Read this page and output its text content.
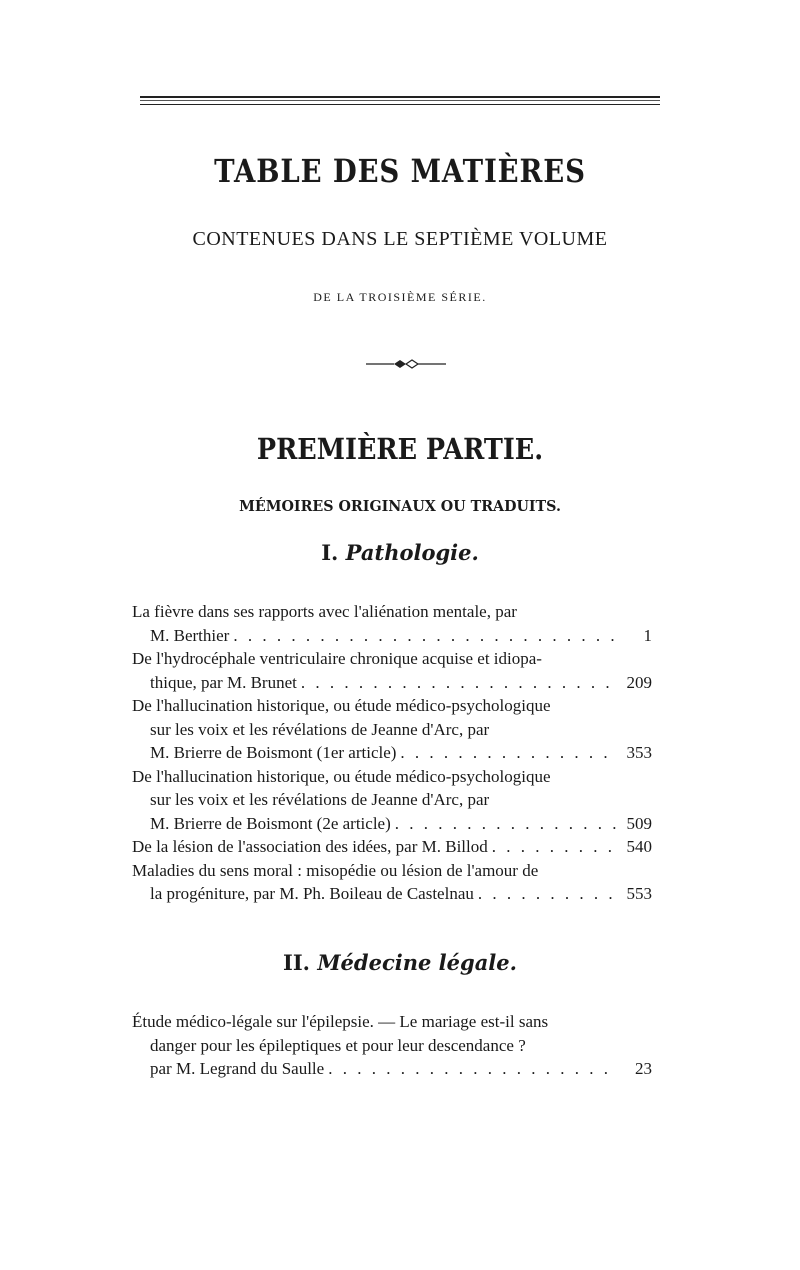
TABLE DES MATIÈRES
CONTENUES DANS LE SEPTIÈME VOLUME
DE LA TROISIÈME SÉRIE.
PREMIÈRE PARTIE.
MÉMOIRES ORIGINAUX OU TRADUITS.
I. Pathologie.
La fièvre dans ses rapports avec l'aliénation mentale, par
M. Berthier . . .	1
De l'hydrocéphale ventriculaire chronique acquise et idiopa-
thique, par M. Brunet . . .	209
De l'hallucination historique, ou étude médico-psychologique
sur les voix et les révélations de Jeanne d'Arc, par
M. Brierre de Boismont (1er article) . . .	353
De l'hallucination historique, ou étude médico-psychologique
sur les voix et les révélations de Jeanne d'Arc, par
M. Brierre de Boismont (2e article) . . .	509
De la lésion de l'association des idées, par M. Billod . . .	540
Maladies du sens moral : misopédie ou lésion de l'amour de
la progéniture, par M. Ph. Boileau de Castelnau . . .	553
II. Médecine légale.
Étude médico-légale sur l'épilepsie. — Le mariage est-il sans
danger pour les épileptiques et pour leur descendance ?
par M. Legrand du Saulle . . .	23
